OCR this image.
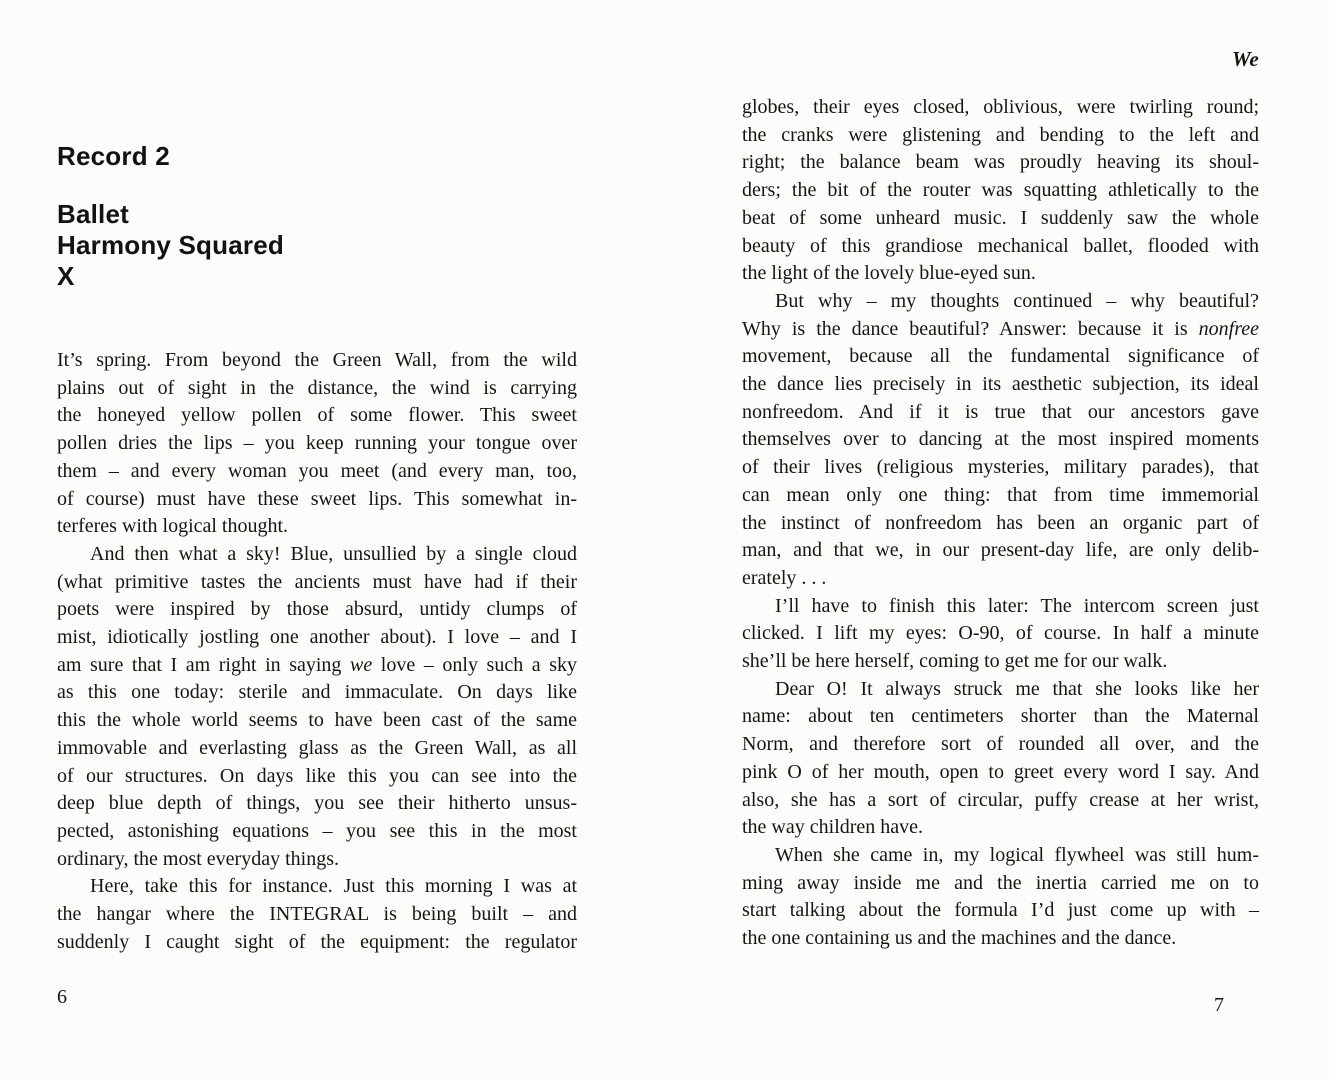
Record 2
Ballet
Harmony Squared
X
It’s spring. From beyond the Green Wall, from the wild
plains out of sight in the distance, the wind is carrying
the honeyed yellow pollen of some flower. This sweet
pollen dries the lips – you keep running your tongue over
them – and every woman you meet (and every man, too,
of course) must have these sweet lips. This somewhat in-
terferes with logical thought.
And then what a sky! Blue, unsullied by a single cloud
(what primitive tastes the ancients must have had if their
poets were inspired by those absurd, untidy clumps of
mist, idiotically jostling one another about). I love – and I
am sure that I am right in saying we love – only such a sky
as this one today: sterile and immaculate. On days like
this the whole world seems to have been cast of the same
immovable and everlasting glass as the Green Wall, as all
of our structures. On days like this you can see into the
deep blue depth of things, you see their hitherto unsus-
pected, astonishing equations – you see this in the most
ordinary, the most everyday things.
Here, take this for instance. Just this morning I was at
the hangar where the INTEGRAL is being built – and
suddenly I caught sight of the equipment: the regulator
6
We
globes, their eyes closed, oblivious, were twirling round;
the cranks were glistening and bending to the left and
right; the balance beam was proudly heaving its shoul-
ders; the bit of the router was squatting athletically to the
beat of some unheard music. I suddenly saw the whole
beauty of this grandiose mechanical ballet, flooded with
the light of the lovely blue-eyed sun.
But why – my thoughts continued – why beautiful?
Why is the dance beautiful? Answer: because it is nonfree
movement, because all the fundamental significance of
the dance lies precisely in its aesthetic subjection, its ideal
nonfreedom. And if it is true that our ancestors gave
themselves over to dancing at the most inspired moments
of their lives (religious mysteries, military parades), that
can mean only one thing: that from time immemorial
the instinct of nonfreedom has been an organic part of
man, and that we, in our present-day life, are only delib-
erately . . .
I’ll have to finish this later: The intercom screen just
clicked. I lift my eyes: O-90, of course. In half a minute
she’ll be here herself, coming to get me for our walk.
Dear O! It always struck me that she looks like her
name: about ten centimeters shorter than the Maternal
Norm, and therefore sort of rounded all over, and the
pink O of her mouth, open to greet every word I say. And
also, she has a sort of circular, puffy crease at her wrist,
the way children have.
When she came in, my logical flywheel was still hum-
ming away inside me and the inertia carried me on to
start talking about the formula I’d just come up with –
the one containing us and the machines and the dance.
7
